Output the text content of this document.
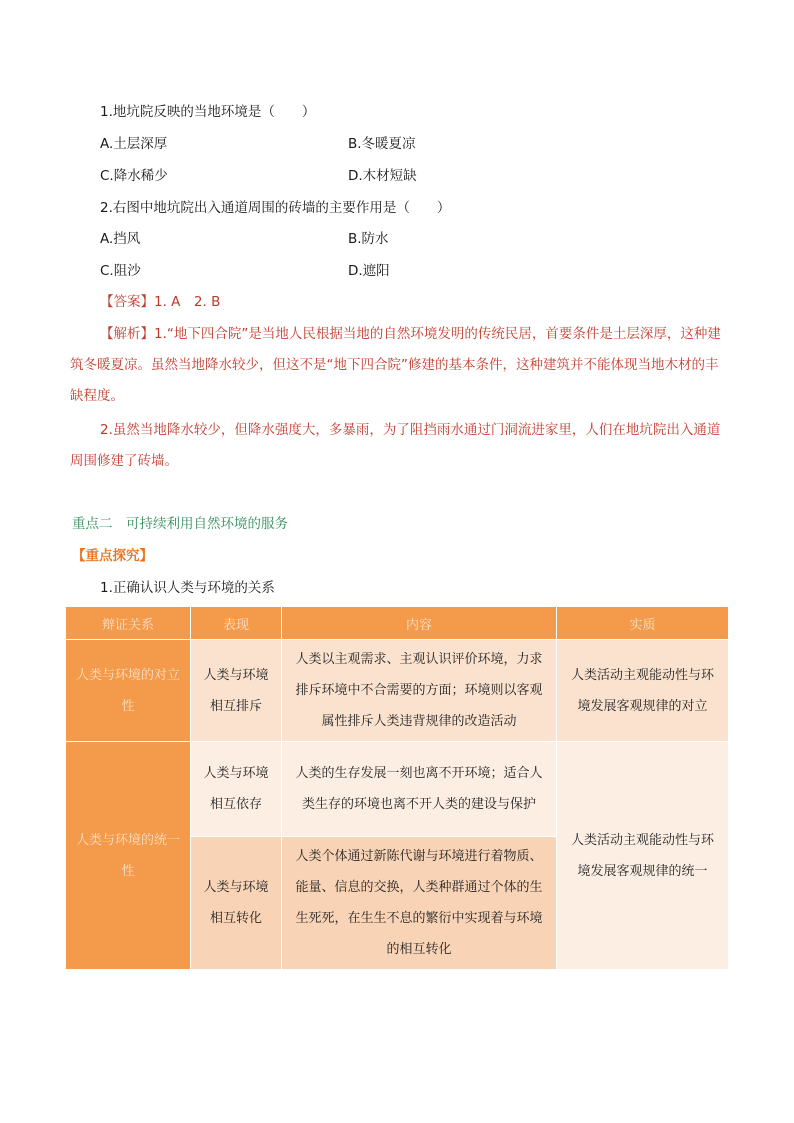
1.地坑院反映的当地环境是（　　）
A.土层深厚	B.冬暖夏凉
C.降水稀少	D.木材短缺
2.右图中地坑院出入通道周围的砖墙的主要作用是（　　）
A.挡风	B.防水
C.阻沙	D.遮阳
【答案】1. A　2. B
【解析】1.“地下四合院”是当地人民根据当地的自然环境发明的传统民居，首要条件是土层深厚，这种建筑冬暖夏凉。虽然当地降水较少，但这不是“地下四合院”修建的基本条件，这种建筑并不能体现当地木材的丰缺程度。
2.虽然当地降水较少，但降水强度大，多暴雨，为了阻挡雨水通过门洞流进家里，人们在地坑院出入通道周围修建了砖墙。
重点二　可持续利用自然环境的服务
【重点探究】
1.正确认识人类与环境的关系
辩证关系	表现	内容	实质
人类与环境的对立性	人类与环境相互排斥	人类以主观需求、主观认识评价环境，力求排斥环境中不合需要的方面；环境则以客观属性排斥人类违背规律的改造活动	人类活动主观能动性与环境发展客观规律的对立
人类与环境的统一性	人类与环境相互依存	人类的生存发展一刻也离不开环境；适合人类生存的环境也离不开人类的建设与保护	人类活动主观能动性与环境发展客观规律的统一
	人类与环境相互转化	人类个体通过新陈代谢与环境进行着物质、能量、信息的交换，人类种群通过个体的生生死死，在生生不息的繁衍中实现着与环境的相互转化	
